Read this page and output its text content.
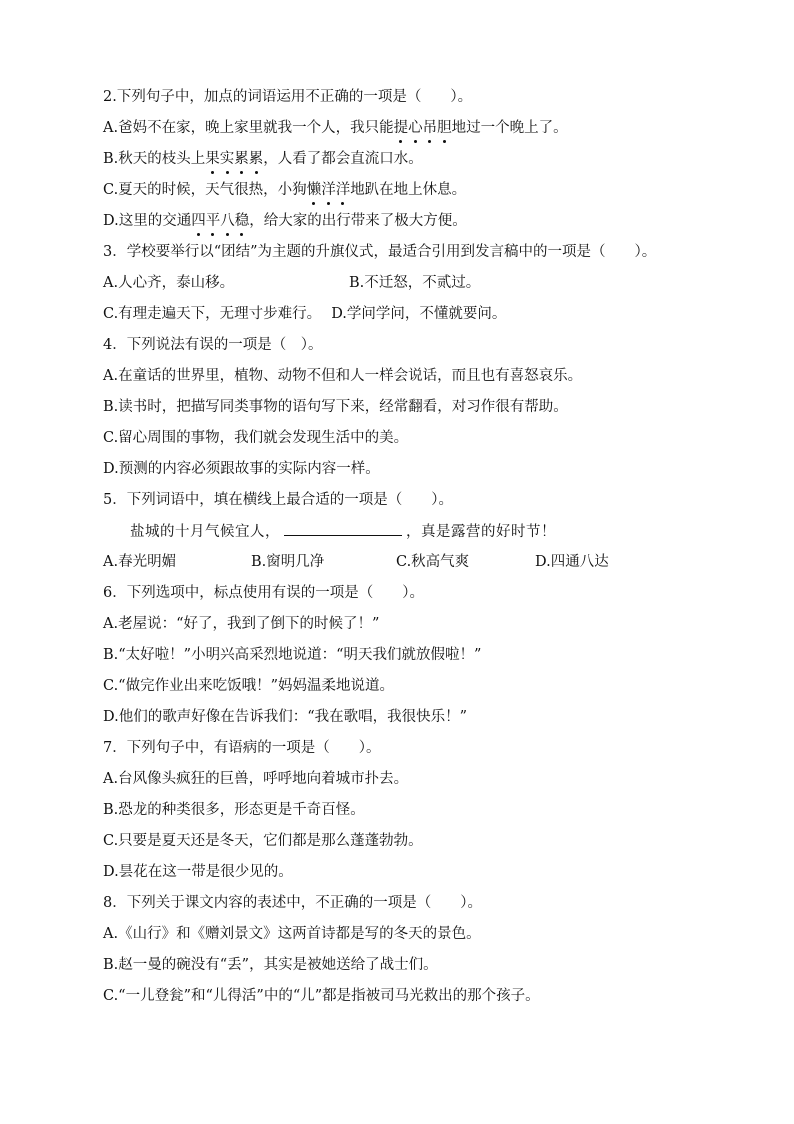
2.下列句子中，加点的词语运用不正确的一项是（　　）。
A.爸妈不在家，晚上家里就我一个人，我只能提心吊胆地过一个晚上了。
B.秋天的枝头上果实累累，人看了都会直流口水。
C.夏天的时候，天气很热，小狗懒洋洋地趴在地上休息。
D.这里的交通四平八稳，给大家的出行带来了极大方便。
3．学校要举行以“团结”为主题的升旗仪式，最适合引用到发言稿中的一项是（　　）。
A.人心齐，泰山移。	B.不迁怒，不贰过。
C.有理走遍天下，无理寸步难行。 D.学问学问，不懂就要问。
4．下列说法有误的一项是（　）。
A.在童话的世界里，植物、动物不但和人一样会说话，而且也有喜怒哀乐。
B.读书时，把描写同类事物的语句写下来，经常翻看，对习作很有帮助。
C.留心周围的事物，我们就会发现生活中的美。
D.预测的内容必须跟故事的实际内容一样。
5．下列词语中，填在横线上最合适的一项是（　　）。
盐城的十月气候宜人，	，真是露营的好时节！
A.春光明媚	B.窗明几净	C.秋高气爽	D.四通八达
6．下列选项中，标点使用有误的一项是（　　）。
A.老屋说：“好了，我到了倒下的时候了！”
B.“太好啦！”小明兴高采烈地说道：“明天我们就放假啦！”
C.“做完作业出来吃饭哦！”妈妈温柔地说道。
D.他们的歌声好像在告诉我们：“我在歌唱，我很快乐！”
7．下列句子中，有语病的一项是（　　）。
A.台风像头疯狂的巨兽，呼呼地向着城市扑去。
B.恐龙的种类很多，形态更是千奇百怪。
C.只要是夏天还是冬天，它们都是那么蓬蓬勃勃。
D.昙花在这一带是很少见的。
8．下列关于课文内容的表述中，不正确的一项是（　　）。
A.《山行》和《赠刘景文》这两首诗都是写的冬天的景色。
B.赵一曼的碗没有“丢”，其实是被她送给了战士们。
C.“一儿登瓮”和“儿得活”中的“儿”都是指被司马光救出的那个孩子。
